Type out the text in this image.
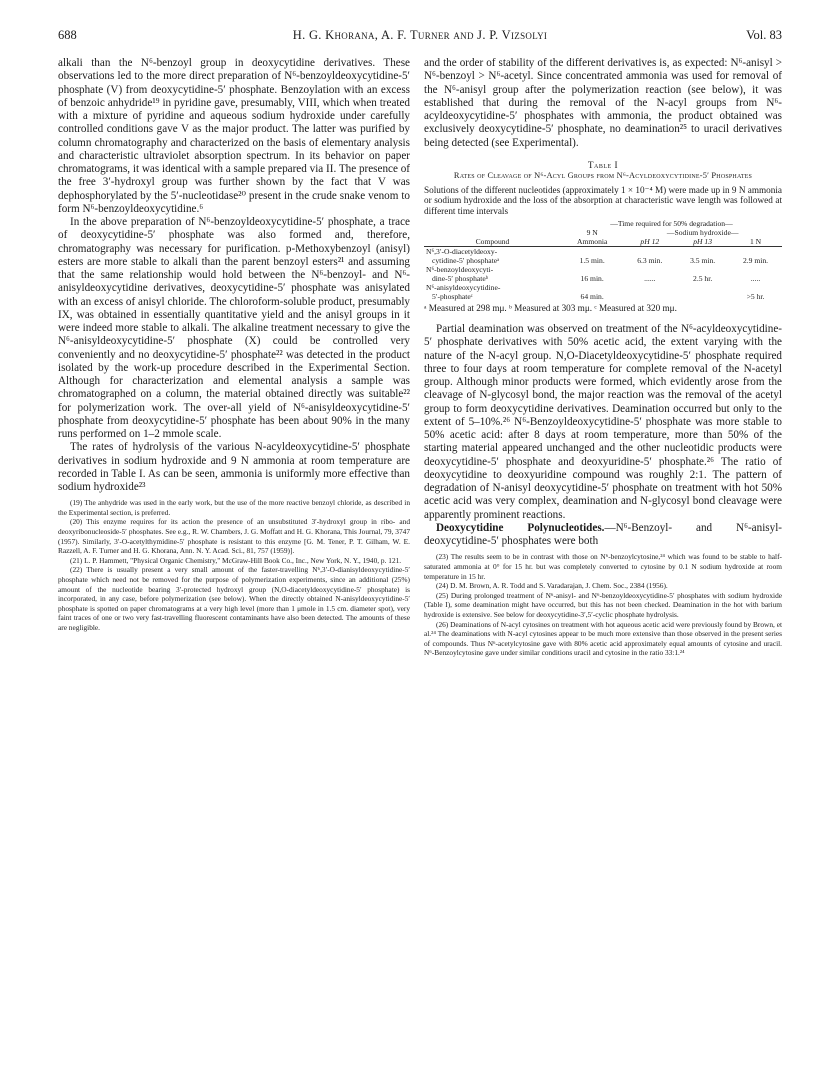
688	H. G. Khorana, A. F. Turner and J. P. Vizsolyi	Vol. 83

alkali than the N⁶-benzoyl group in deoxycytidine derivatives. These observations led to the more direct preparation of N⁶-benzoyldeoxycytidine-5′ phosphate (V) from deoxycytidine-5′ phosphate. Benzoylation with an excess of benzoic anhydride¹⁹ in pyridine gave, presumably, VIII, which when treated with a mixture of pyridine and aqueous sodium hydroxide under carefully controlled conditions gave V as the major product. The latter was purified by column chromatography and characterized on the basis of elementary analysis and characteristic ultraviolet absorption spectrum. In its behavior on paper chromatograms, it was identical with a sample prepared via II. The presence of the free 3′-hydroxyl group was further shown by the fact that V was dephosphorylated by the 5′-nucleotidase²⁰ present in the crude snake venom to form N⁶-benzoyldeoxycytidine.⁶

In the above preparation of N⁶-benzoyldeoxycytidine-5′ phosphate, a trace of deoxycytidine-5′ phosphate was also formed and, therefore, chromatography was necessary for purification. p-Methoxybenzoyl (anisyl) esters are more stable to alkali than the parent benzoyl esters²¹ and assuming that the same relationship would hold between the N⁶-benzoyl- and N⁶-anisyldeoxycytidine derivatives, deoxycytidine-5′ phosphate was anisylated with an excess of anisyl chloride. The chloroform-soluble product, presumably IX, was obtained in essentially quantitative yield and the anisyl groups in it were indeed more stable to alkali. The alkaline treatment necessary to give the N⁶-anisyldeoxycytidine-5′ phosphate (X) could be controlled very conveniently and no deoxycytidine-5′ phosphate²² was detected in the product isolated by the work-up procedure described in the Experimental Section. Although for characterization and elemental analysis a sample was chromatographed on a column, the material obtained directly was suitable²² for polymerization work. The over-all yield of N⁶-anisyldeoxycytidine-5′ phosphate from deoxycytidine-5′ phosphate has been about 90% in the many runs performed on 1–2 mmole scale.

The rates of hydrolysis of the various N-acyldeoxycytidine-5′ phosphate derivatives in sodium hydroxide and 9 N ammonia at room temperature are recorded in Table I. As can be seen, ammonia is uniformly more effective than sodium hydroxide²³

(19) The anhydride was used in the early work, but the use of the more reactive benzoyl chloride, as described in the Experimental section, is preferred.

(20) This enzyme requires for its action the presence of an unsubstituted 3′-hydroxyl group in ribo- and deoxyribonucleoside-5′ phosphates. See e.g., R. W. Chambers, J. G. Moffatt and H. G. Khorana, This Journal, 79, 3747 (1957). Similarly, 3′-O-acetylthymidine-5′ phosphate is resistant to this enzyme [G. M. Tener, P. T. Gilham, W. E. Razzell, A. F. Turner and H. G. Khorana, Ann. N. Y. Acad. Sci., 81, 757 (1959)].

(21) L. P. Hammett, "Physical Organic Chemistry," McGraw-Hill Book Co., Inc., New York, N. Y., 1940, p. 121.

(22) There is usually present a very small amount of the faster-travelling N⁶,3′-O-dianisyldeoxycytidine-5′ phosphate which need not be removed for the purpose of polymerization experiments, since an additional (25%) amount of the nucleotide bearing 3′-protected hydroxyl group (N,O-diacetyldeoxycytidine-5′ phosphate) is incorporated, in any case, before polymerization (see below). When the directly obtained N-anisyldeoxycytidine-5′ phosphate is spotted on paper chromatograms at a very high level (more than 1 μmole in 1.5 cm. diameter spot), very faint traces of one or two very fast-travelling fluorescent contaminants have also been detected. The amounts of these are negligible.

and the order of stability of the different derivatives is, as expected: N⁶-anisyl > N⁶-benzoyl > N⁶-acetyl. Since concentrated ammonia was used for removal of the N⁶-anisyl group after the polymerization reaction (see below), it was established that during the removal of the N-acyl groups from N⁶-acyldeoxycytidine-5′ phosphates with ammonia, the product obtained was exclusively deoxycytidine-5′ phosphate, no deamination²⁵ to uracil derivatives being detected (see Experimental).

Table I

Rates of Cleavage of N⁶-Acyl Groups from N⁶-Acyldeoxycytidine-5′ Phosphates

Solutions of the different nucleotides (approximately 1 × 10⁻⁴ M) were made up in 9 N ammonia or sodium hydroxide and the loss of the absorption at characteristic wave length was followed at different time intervals

	—Time required for 50% degradation—			
	9 N	—Sodium hydroxide—		
Compound	Ammonia	pH 12	pH 13	1 N
N⁶,3′-O-diacetyldeoxy-				
cytidine-5′ phosphateᵃ	1.5 min.	6.3 min.	3.5 min.	2.9 min.
N⁶-benzoyldeoxycyti-				
dine-5′ phosphateᵇ	16 min.	......	2.5 hr.	.....
N⁶-anisyldeoxycytidine-				
5′-phosphateᶜ	64 min.			>5 hr.

ᵃ Measured at 298 mμ. ᵇ Measured at 303 mμ. ᶜ Measured at 320 mμ.

Partial deamination was observed on treatment of the N⁶-acyldeoxycytidine-5′ phosphate derivatives with 50% acetic acid, the extent varying with the nature of the N-acyl group. N,O-Diacetyldeoxycytidine-5′ phosphate required three to four days at room temperature for complete removal of the N-acetyl group. Although minor products were formed, which evidently arose from the cleavage of N-glycosyl bond, the major reaction was the removal of the acetyl group to form deoxycytidine derivatives. Deamination occurred but only to the extent of 5–10%.²⁶ N⁶-Benzoyldeoxycytidine-5′ phosphate was more stable to 50% acetic acid: after 8 days at room temperature, more than 50% of the starting material appeared unchanged and the other nucleotidic products were deoxycytidine-5′ phosphate and deoxyuridine-5′ phosphate.²⁶ The ratio of deoxycytidine to deoxyuridine compound was roughly 2:1. The pattern of degradation of N-anisyl deoxycytidine-5′ phosphate on treatment with hot 50% acetic acid was very complex, deamination and N-glycosyl bond cleavage were apparently prominent reactions.

Deoxycytidine Polynucleotides.—N⁶-Benzoyl- and N⁶-anisyl-deoxycytidine-5′ phosphates were both

(23) The results seem to be in contrast with those on N⁶-benzoylcytosine,²⁴ which was found to be stable to half-saturated ammonia at 0° for 15 hr. but was completely converted to cytosine by 0.1 N sodium hydroxide at room temperature in 15 hr.

(24) D. M. Brown, A. R. Todd and S. Varadarajan, J. Chem. Soc., 2384 (1956).

(25) During prolonged treatment of N⁶-anisyl- and N⁶-benzoyldeoxycytidine-5′ phosphates with sodium hydroxide (Table I), some deamination might have occurred, but this has not been checked. Deamination in the hot with barium hydroxide is extensive. See below for deoxycytidine-3′,5′-cyclic phosphate hydrolysis.

(26) Deaminations of N-acyl cytosines on treatment with hot aqueous acetic acid were previously found by Brown, et al.²⁴ The deaminations with N-acyl cytosines appear to be much more extensive than those observed in the present series of compounds. Thus N⁶-acetylcytosine gave with 80% acetic acid approximately equal amounts of cytosine and uracil. N⁶-Benzoylcytosine gave under similar conditions uracil and cytosine in the ratio 33:1.²⁴
